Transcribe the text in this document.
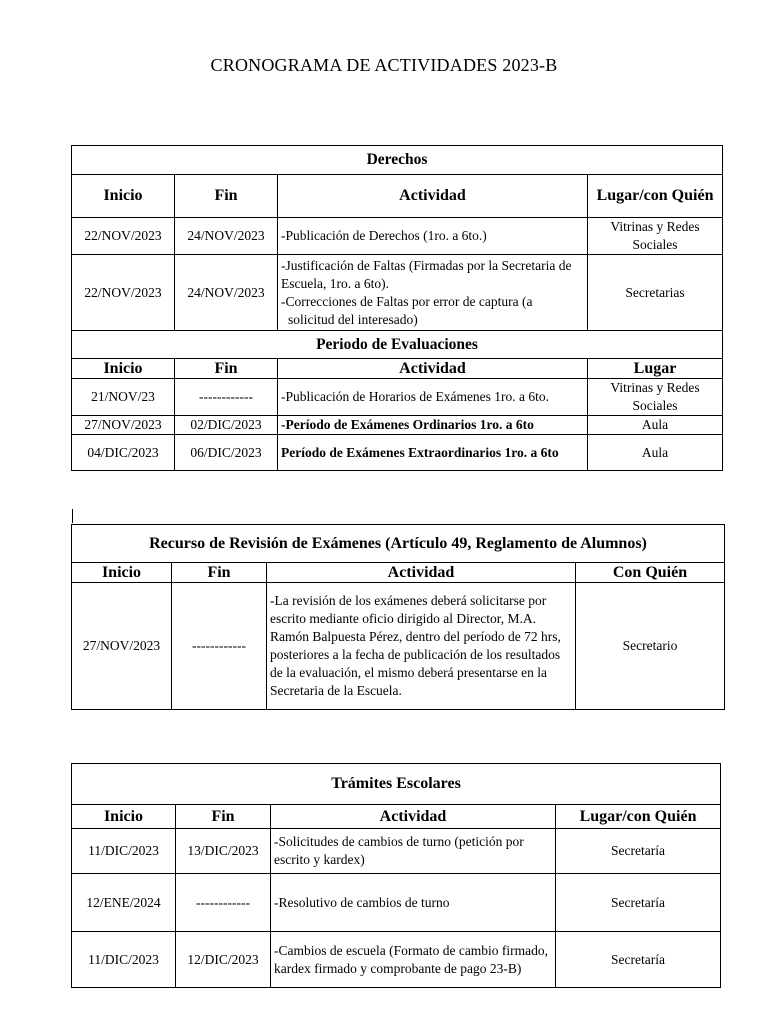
CRONOGRAMA DE ACTIVIDADES 2023-B
Derechos			
Inicio	Fin	Actividad	Lugar/con Quién
22/NOV/2023	24/NOV/2023	-Publicación de Derechos (1ro. a 6to.)	Vitrinas y Redes Sociales
22/NOV/2023	24/NOV/2023	-Justificación de Faltas (Firmadas por la Secretaria de Escuela, 1ro. a 6to).
-Correcciones de Faltas por error de captura (a
solicitud del interesado)	Secretarias
Periodo de Evaluaciones			
Inicio	Fin	Actividad	Lugar
21/NOV/23	------------	-Publicación de Horarios de Exámenes 1ro. a 6to.	Vitrinas y Redes Sociales
27/NOV/2023	02/DIC/2023	-Período de Exámenes Ordinarios 1ro. a 6to	Aula
04/DIC/2023	06/DIC/2023	Período de Exámenes Extraordinarios 1ro. a 6to	Aula
Recurso de Revisión de Exámenes (Artículo 49, Reglamento de Alumnos)			
Inicio	Fin	Actividad	Con Quién
27/NOV/2023	------------	-La revisión de los exámenes deberá solicitarse por escrito mediante oficio dirigido al Director, M.A. Ramón Balpuesta Pérez, dentro del período de 72 hrs, posteriores a la fecha de publicación de los resultados de la evaluación, el mismo deberá presentarse en la Secretaria de la Escuela.	Secretario
Trámites Escolares			
Inicio	Fin	Actividad	Lugar/con Quién
11/DIC/2023	13/DIC/2023	-Solicitudes de cambios de turno (petición por escrito y kardex)	Secretaría
12/ENE/2024	------------	-Resolutivo de cambios de turno	Secretaría
11/DIC/2023	12/DIC/2023	-Cambios de escuela (Formato de cambio firmado, kardex firmado y comprobante de pago 23-B)	Secretaría
